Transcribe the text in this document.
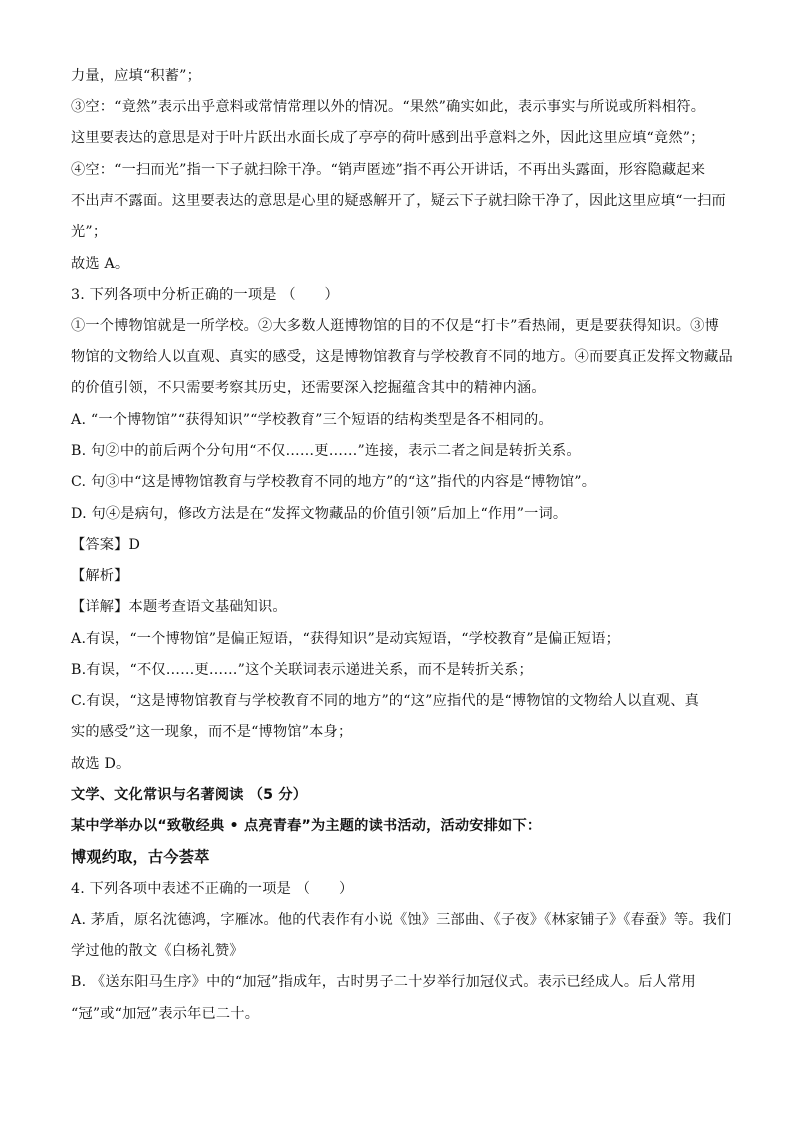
力量，应填“积蓄”；
③空：“竟然”表示出乎意料或常情常理以外的情况。“果然”确实如此，表示事实与所说或所料相符。
这里要表达的意思是对于叶片跃出水面长成了亭亭的荷叶感到出乎意料之外，因此这里应填“竟然”；
④空：“一扫而光”指一下子就扫除干净。“销声匿迹”指不再公开讲话，不再出头露面，形容隐藏起来
不出声不露面。这里要表达的意思是心里的疑惑解开了，疑云下子就扫除干净了，因此这里应填“一扫而
光”；
故选 A。
3. 下列各项中分析正确的一项是 （　　）
①一个博物馆就是一所学校。②大多数人逛博物馆的目的不仅是“打卡”看热闹，更是要获得知识。③博
物馆的文物给人以直观、真实的感受，这是博物馆教育与学校教育不同的地方。④而要真正发挥文物藏品
的价值引领，不只需要考察其历史，还需要深入挖掘蕴含其中的精神内涵。
A. “一个博物馆”“获得知识”“学校教育”三个短语的结构类型是各不相同的。
B. 句②中的前后两个分句用“不仅……更……”连接，表示二者之间是转折关系。
C. 句③中“这是博物馆教育与学校教育不同的地方”的“这”指代的内容是“博物馆”。
D. 句④是病句，修改方法是在“发挥文物藏品的价值引领”后加上“作用”一词。
【答案】D
【解析】
【详解】本题考查语文基础知识。
A.有误，“一个博物馆”是偏正短语，“获得知识”是动宾短语，“学校教育”是偏正短语；
B.有误，“不仅……更……”这个关联词表示递进关系，而不是转折关系；
C.有误，“这是博物馆教育与学校教育不同的地方”的“这”应指代的是“博物馆的文物给人以直观、真
实的感受”这一现象，而不是“博物馆”本身；
故选 D。
文学、文化常识与名著阅读 （5 分）
某中学举办以“致敬经典 • 点亮青春”为主题的读书活动，活动安排如下：
博观约取，古今荟萃
4. 下列各项中表述不正确的一项是 （　　）
A. 茅盾，原名沈德鸿，字雁冰。他的代表作有小说《蚀》三部曲、《子夜》《林家铺子》《春蚕》等。我们
学过他的散文《白杨礼赞》
B. 《送东阳马生序》中的“加冠”指成年，古时男子二十岁举行加冠仪式。表示已经成人。后人常用
“冠”或“加冠”表示年已二十。
